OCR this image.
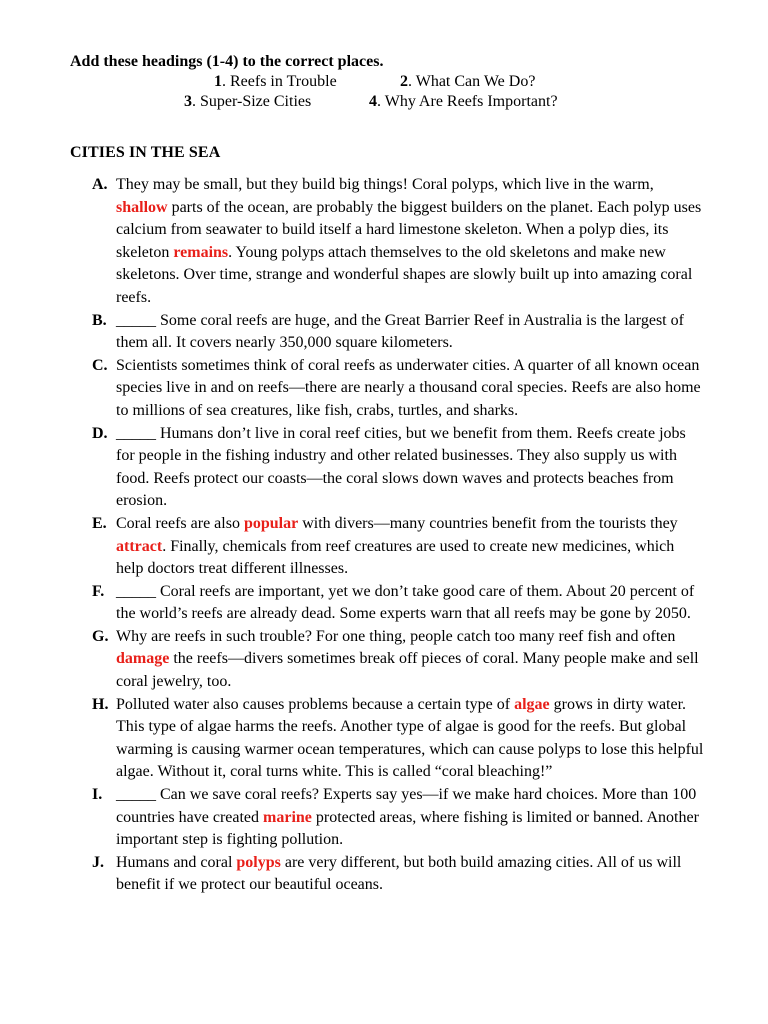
Add these headings (1-4) to the correct places.

1. Reefs in Trouble	2. What Can We Do?
3. Super-Size Cities	4. Why Are Reefs Important?

CITIES IN THE SEA

A. They may be small, but they build big things! Coral polyps, which live in the warm, shallow parts of the ocean, are probably the biggest builders on the planet. Each polyp uses calcium from seawater to build itself a hard limestone skeleton. When a polyp dies, its skeleton remains. Young polyps attach themselves to the old skeletons and make new skeletons. Over time, strange and wonderful shapes are slowly built up into amazing coral reefs.
B. _____ Some coral reefs are huge, and the Great Barrier Reef in Australia is the largest of them all. It covers nearly 350,000 square kilometers.
C. Scientists sometimes think of coral reefs as underwater cities. A quarter of all known ocean species live in and on reefs—there are nearly a thousand coral species. Reefs are also home to millions of sea creatures, like fish, crabs, turtles, and sharks.
D. _____ Humans don’t live in coral reef cities, but we benefit from them. Reefs create jobs for people in the fishing industry and other related businesses. They also supply us with food. Reefs protect our coasts—the coral slows down waves and protects beaches from erosion.
E. Coral reefs are also popular with divers—many countries benefit from the tourists they attract. Finally, chemicals from reef creatures are used to create new medicines, which help doctors treat different illnesses.
F. _____ Coral reefs are important, yet we don’t take good care of them. About 20 percent of the world’s reefs are already dead. Some experts warn that all reefs may be gone by 2050.
G. Why are reefs in such trouble? For one thing, people catch too many reef fish and often damage the reefs—divers sometimes break off pieces of coral. Many people make and sell coral jewelry, too.
H. Polluted water also causes problems because a certain type of algae grows in dirty water. This type of algae harms the reefs. Another type of algae is good for the reefs. But global warming is causing warmer ocean temperatures, which can cause polyps to lose this helpful algae. Without it, coral turns white. This is called “coral bleaching!”
I. _____ Can we save coral reefs? Experts say yes—if we make hard choices. More than 100 countries have created marine protected areas, where fishing is limited or banned. Another important step is fighting pollution.
J. Humans and coral polyps are very different, but both build amazing cities. All of us will benefit if we protect our beautiful oceans.
